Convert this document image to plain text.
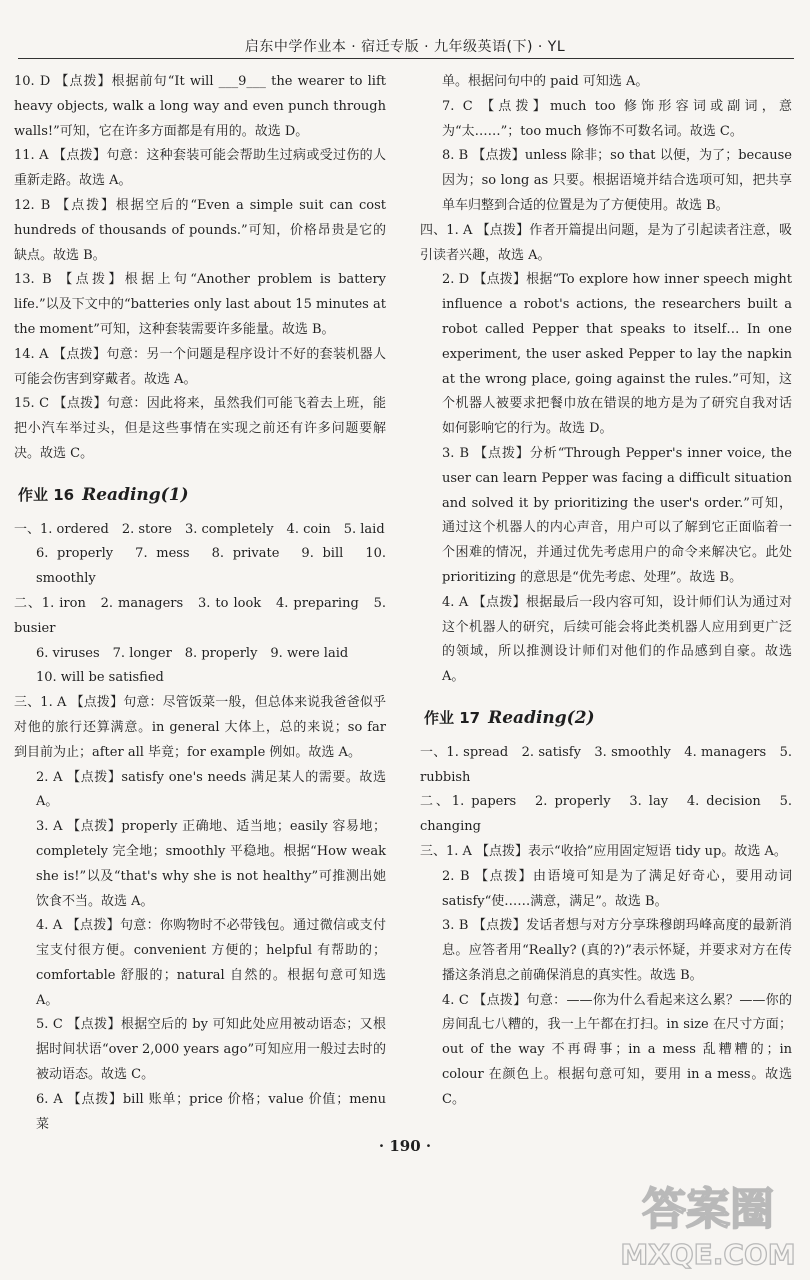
启东中学作业本 · 宿迁专版 · 九年级英语(下) · YL

10. D 【点拨】根据前句“It will ___9___ the wearer to lift heavy objects, walk a long way and even punch through walls!”可知，它在许多方面都是有用的。故选 D。

11. A 【点拨】句意：这种套装可能会帮助生过病或受过伤的人重新走路。故选 A。

12. B 【点拨】根据空后的“Even a simple suit can cost hundreds of thousands of pounds.”可知，价格昂贵是它的缺点。故选 B。

13. B 【点拨】根据上句“Another problem is battery life.”以及下文中的“batteries only last about 15 minutes at the moment”可知，这种套装需要许多能量。故选 B。

14. A 【点拨】句意：另一个问题是程序设计不好的套装机器人可能会伤害到穿戴者。故选 A。

15. C 【点拨】句意：因此将来，虽然我们可能飞着去上班，能把小汽车举过头，但是这些事情在实现之前还有许多问题要解决。故选 C。

作业 16 Reading(1)

一、1. ordered　2. store　3. completely　4. coin　5. laid

6. properly　7. mess　8. private　9. bill　10. smoothly

二、1. iron　2. managers　3. to look　4. preparing　5. busier

6. viruses　7. longer　8. properly　9. were laid

10. will be satisfied

三、1. A 【点拨】句意：尽管饭菜一般，但总体来说我爸爸似乎对他的旅行还算满意。in general 大体上，总的来说；so far 到目前为止；after all 毕竟；for example 例如。故选 A。

2. A 【点拨】satisfy one's needs 满足某人的需要。故选 A。

3. A 【点拨】properly 正确地、适当地；easily 容易地；completely 完全地；smoothly 平稳地。根据“How weak she is!”以及“that's why she is not healthy”可推测出她饮食不当。故选 A。

4. A 【点拨】句意：你购物时不必带钱包。通过微信或支付宝支付很方便。convenient 方便的；helpful 有帮助的；comfortable 舒服的；natural 自然的。根据句意可知选 A。

5. C 【点拨】根据空后的 by 可知此处应用被动语态；又根据时间状语“over 2,000 years ago”可知应用一般过去时的被动语态。故选 C。

6. A 【点拨】bill 账单；price 价格；value 价值；menu 菜

单。根据问句中的 paid 可知选 A。

7. C 【点拨】much too 修饰形容词或副词，意为“太……”；too much 修饰不可数名词。故选 C。

8. B 【点拨】unless 除非；so that 以便，为了；because 因为；so long as 只要。根据语境并结合选项可知，把共享单车归整到合适的位置是为了方便使用。故选 B。

四、1. A 【点拨】作者开篇提出问题，是为了引起读者注意，吸引读者兴趣，故选 A。

2. D 【点拨】根据“To explore how inner speech might influence a robot's actions, the researchers built a robot called Pepper that speaks to itself… In one experiment, the user asked Pepper to lay the napkin at the wrong place, going against the rules.”可知，这个机器人被要求把餐巾放在错误的地方是为了研究自我对话如何影响它的行为。故选 D。

3. B 【点拨】分析“Through Pepper's inner voice, the user can learn Pepper was facing a difficult situation and solved it by prioritizing the user's order.”可知，通过这个机器人的内心声音，用户可以了解到它正面临着一个困难的情况，并通过优先考虑用户的命令来解决它。此处 prioritizing 的意思是“优先考虑、处理”。故选 B。

4. A 【点拨】根据最后一段内容可知，设计师们认为通过对这个机器人的研究，后续可能会将此类机器人应用到更广泛的领域，所以推测设计师们对他们的作品感到自豪。故选 A。

作业 17 Reading(2)

一、1. spread　2. satisfy　3. smoothly　4. managers　5. rubbish

二、1. papers　2. properly　3. lay　4. decision　5. changing

三、1. A 【点拨】表示“收拾”应用固定短语 tidy up。故选 A。

2. B 【点拨】由语境可知是为了满足好奇心，要用动词 satisfy“使……满意，满足”。故选 B。

3. B 【点拨】发话者想与对方分享珠穆朗玛峰高度的最新消息。应答者用“Really? (真的?)”表示怀疑，并要求对方在传播这条消息之前确保消息的真实性。故选 B。

4. C 【点拨】句意：——你为什么看起来这么累？——你的房间乱七八糟的，我一上午都在打扫。in size 在尺寸方面；out of the way 不再碍事；in a mess 乱糟糟的；in colour 在颜色上。根据句意可知，要用 in a mess。故选 C。

· 190 ·
答案圈
MXQE.COM
